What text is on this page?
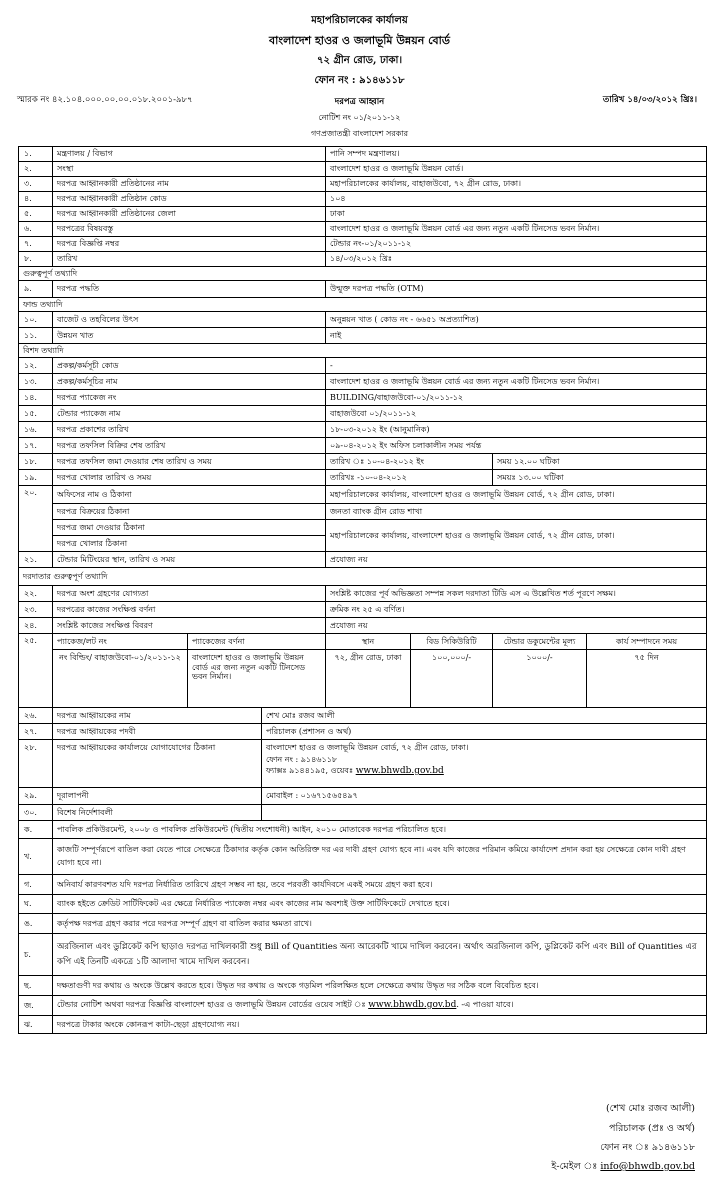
মহাপরিচালকের কার্যালয়
বাংলাদেশ হাওর ও জলাভূমি উন্নয়ন বোর্ড
৭২ গ্রীন রোড, ঢাকা।
ফোন নং : ৯১৪৬১১৮
স্মারক নং ৪২.১০৪.০০০.০০.০০.০১৮.২০০১-৯৮৭	দরপত্র আহ্বান	তারিখ ১৪/০৩/২০১২ খ্রিঃ।
নোটিশ নং ০১/২০১১-১২
গণপ্রজাতন্ত্রী বাংলাদেশ সরকার
১.	মন্ত্রণালয় / বিভাগ			পানি সম্পদ মন্ত্রণালয়।			
২.	সংস্থা			বাংলাদেশ হাওর ও জলাভূমি উন্নয়ন বোর্ড।			
৩.	দরপত্র আহ্বানকারী প্রতিষ্ঠানের নাম			মহাপরিচালকের কার্যালয়, বাহাজউবো, ৭২ গ্রীন রোড, ঢাকা।			
৪.	দরপত্র আহ্বানকারী প্রতিষ্ঠান কোড			১০৪			
৫.	দরপত্র আহ্বানকারী প্রতিষ্ঠানের জেলা			ঢাকা			
৬.	দরপত্রের বিষয়বস্তু			বাংলাদেশ হাওর ও জলাভূমি উন্নয়ন বোর্ড এর জন্য নতুন একটি টিনসেড ভবন নির্মান।			
৭.	দরপত্র বিজ্ঞপ্তি নম্বর			টেন্ডার নং-০১/২০১১-১২			
৮.	তারিখ			১৪/০৩/২০১২ খ্রিঃ			
গুরুত্বপূর্ণ তথ্যাদি							
৯.	দরপত্র পদ্ধতি			উন্মুক্ত দরপত্র পদ্ধতি (OTM)			
ফান্ড তথ্যাদি							
১০.	বাজেট ও তহবিলের উৎস			অনুন্নয়ন খাত ( কোড নং - ৬৬৫১ অপ্রত্যাশিত)			
১১.	উন্নয়ন খাত			নাই			
বিশদ তথ্যাদি							
১২.	প্রকল্প/কর্মসূচী কোড			-			
১৩.	প্রকল্প/কর্মসূচির নাম			বাংলাদেশ হাওর ও জলাভূমি উন্নয়ন বোর্ড এর জন্য নতুন একটি টিনসেড ভবন নির্মান।			
১৪.	দরপত্র প্যাকেজ নং			BUILDING/বাহাজউবো-০১/২০১১-১২			
১৫.	টেন্ডার প্যাকেজ নাম			বাহাজউবো ০১/২০১১-১২			
১৬.	দরপত্র প্রকাশের তারিখ			১৮-০৩-২০১২ ইং (আনুমানিক)			
১৭.	দরপত্র তফসিল বিক্রির শেষ তারিখ			০৯-০৪-২০১২ ইং অফিস চলাকালীন সময় পর্যন্ত			
১৮.	দরপত্র তফসিল জমা দেওয়ার শেষ তারিখ ও সময়			তারিখ ঃ ১০-০৪-২০১২ ইং		সময় ১২.০০ ঘটিকা	
১৯.	দরপত্র খোলার তারিখ ও সময়			তারিখঃ -১০-০৪-২০১২		সময়ঃ ১৩.০০ ঘটিকা	
২০.	অফিসের নাম ও ঠিকানা			মহাপরিচালকের কার্যালয়, বাংলাদেশ হাওর ও জলাভূমি উন্নয়ন বোর্ড, ৭২ গ্রীন রোড, ঢাকা।			
	দরপত্র বিক্রয়ের ঠিকানা			জনতা ব্যাংক গ্রীন রোড শাখা			
	দরপত্র জমা দেওয়ার ঠিকানা			মহাপরিচালকের কার্যালয়, বাংলাদেশ হাওর ও জলাভূমি উন্নয়ন বোর্ড, ৭২ গ্রীন রোড, ঢাকা।			
	দরপত্র খোলার ঠিকানা						
২১.	টেন্ডার মিটিংয়ের স্থান, তারিখ ও সময়			প্রযোজ্য নয়			
দরদাতার গুরুত্বপূর্ণ তথ্যাদি							
২২.	দরপত্র অংশ গ্রহণের যোগ্যতা			সংশ্লিষ্ট কাজের পূর্ব অভিজ্ঞতা সম্পন্ন সকল দরদাতা টিডি এস এ উল্লেখিত শর্ত পূরণে সক্ষম।			
২৩.	দরপত্রের কাজের সংক্ষিপ্ত বর্ণনা			ক্রমিক নং ২৫ এ বর্ণিত।			
২৪.	সংশ্লিষ্ট কাজের সংক্ষিপ্ত বিবরণ			প্রযোজ্য নয়			
২৫.	প্যাকেজ/লট নং	প্যাকেজের বর্ণনা		স্থান	বিড সিকিউরিটি	টেন্ডার ডকুমেন্টের মূল্য	কার্য সম্পাদনে সময়
	নং বিল্ডিং/ বাহাজউবো-০১/২০১১-১২	বাংলাদেশ হাওর ও জলাভূমি উন্নয়ন বোর্ড এর জন্য নতুন একটি টিনসেড ভবন নির্মান।		৭২, গ্রীন রোড, ঢাকা	১০০,০০০/-	১০০০/-	৭৫ দিন
২৬.	দরপত্র আহ্বায়কের নাম		শেখ মোঃ রজব আলী				
২৭.	দরপত্র আহ্বায়কের পদবী		পরিচালক (প্রশাসন ও অর্থ)				
২৮.	দরপত্র আহ্বায়কের কার্যালয়ে যোগাযোগের ঠিকানা		বাংলাদেশ হাওর ও জলাভূমি উন্নয়ন বোর্ড, ৭২ গ্রীন রোড, ঢাকা।
ফোন নং : ৯১৪৬১১৮
ফ্যাক্সঃ ৯১৪৪১৯৫, ওয়েবঃ www.bhwdb.gov.bd				

২৯.	দূরালাপনী		মোবাইল : ০১৬৭১৫৬৫৪৯৭				
৩০.	বিশেষ নির্দেশাবলী						
ক.	পাবলিক প্রকিউরমেন্ট, ২০০৮ ও পাবলিক প্রকিউরমেন্ট (দ্বিতীয় সংশোধনী) আইন, ২০১০ মোতাবেক দরপত্র পরিচালিত হবে।						
খ.	কাজটি সম্পূর্ণরূপে বাতিল করা যেতে পারে সেক্ষেত্রে ঠিকাদার কর্তৃক কোন অতিরিক্ত দর এর দাবী গ্রহণ যোগ্য হবে না। এবং যদি কাজের পরিমান কমিয়ে কার্যাদেশ প্রদান করা হয় সেক্ষেত্রে কোন দাবী গ্রহণ যোগ্য হবে না।						
গ.	অনিবার্য কারণবশত যদি দরপত্র নির্ধারিত তারিখে গ্রহণ সম্ভব না হয়, তবে পরবর্তী কার্যদিবসে একই সময়ে গ্রহণ করা হবে।						
ঘ.	ব্যাংক হইতে ক্রেডিট সার্টিফিকেট এর ক্ষেত্রে নির্ধারিত প্যাকেজ নম্বর এবং কাজের নাম অবশ্যই উক্ত সার্টিফিকেটে দেখাতে হবে।						
ঙ.	কর্তৃপক্ষ দরপত্র গ্রহণ করার পরে দরপত্র সম্পূর্ণ গ্রহণ বা বাতিল করার ক্ষমতা রাখে।						
চ.	অরজিনাল এবং ডুপ্লিকেট কপি ছাড়াও দরপত্র দাখিলকারী শুধু Bill of Quantities অন্য আরেকটি খামে দাখিল করবেন। অর্থাৎ অরজিনাল কপি, ডুপ্লিকেট কপি এবং Bill of Quantities এর কপি এই তিনটি একত্রে ১টি আলাদা খামে দাখিল করবেন।						
ছ.	দক্ষতাগুণী দর কথায় ও অংকে উল্লেখ করতে হবে। উদ্ধৃত দর কথায় ও অংকে গড়মিল পরিলক্ষিত হলে সেক্ষেত্রে কথায় উদ্ধৃত দর সঠিক বলে বিবেচিত হবে।						
জ.	টেন্ডার নোটিশ অথবা দরপত্র বিজ্ঞপ্তি বাংলাদেশ হাওর ও জলাভূমি উন্নয়ন বোর্ডের ওয়েব সাইট ঃ www.bhwdb.gov.bd. -এ পাওয়া যাবে।						
ঝ.	দরপত্রে টাকার অংকে কোনরূপ কাটা-ছেড়া গ্রহণযোগ্য নয়।						
(শেখ মোঃ রজব আলী)
পরিচালক (প্রঃ ও অর্থ)
ফোন নং ঃ ৯১৪৬১১৮
ই-মেইল ঃ info@bhwdb.gov.bd
